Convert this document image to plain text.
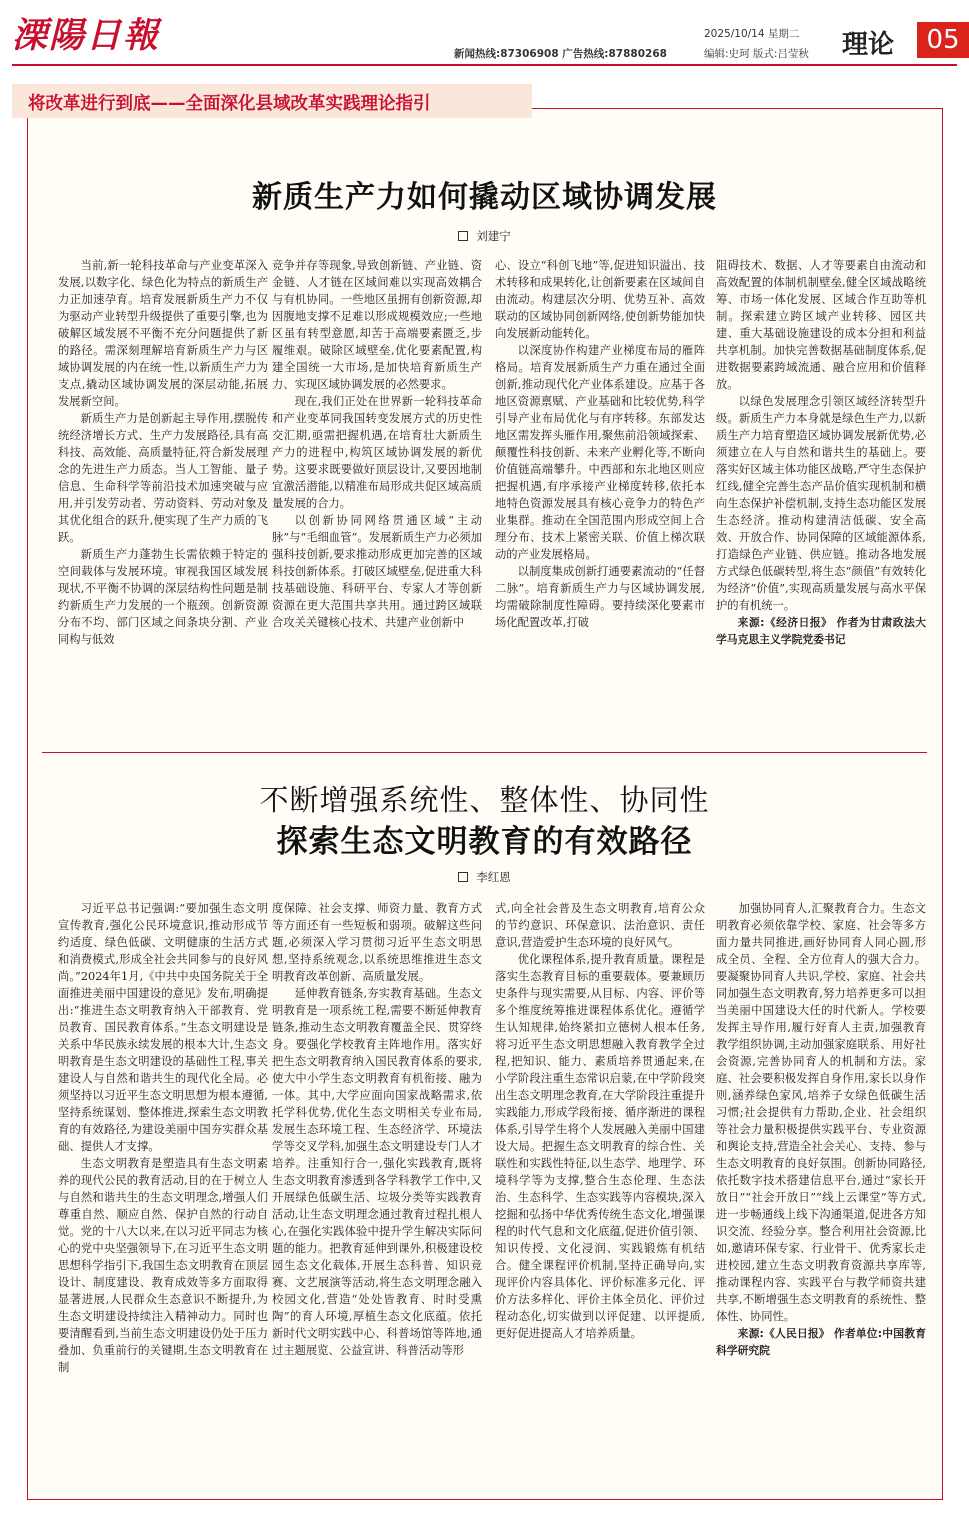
溧陽日報	新闻热线:87306908 广告热线:87880268
2025/10/14 星期二
编辑:史珂 版式:吕莹秋 理论	05
将改革进行到底——全面深化县域改革实践理论指引
新质生产力如何撬动区域协调发展
刘建宁

当前,新一轮科技革命与产业变革深入发展,以数字化、绿色化为特点的新质生产力正加速孕育。培育发展新质生产力不仅为驱动产业转型升级提供了重要引擎,也为破解区域发展不平衡不充分问题提供了新的路径。需深刻理解培育新质生产力与区域协调发展的内在统一性,以新质生产力为支点,撬动区域协调发展的深层动能,拓展发展新空间。

新质生产力是创新起主导作用,摆脱传统经济增长方式、生产力发展路径,具有高科技、高效能、高质量特征,符合新发展理念的先进生产力质态。当人工智能、量子信息、生命科学等前沿技术加速突破与应用,并引发劳动者、劳动资料、劳动对象及其优化组合的跃升,便实现了生产力质的飞跃。

新质生产力蓬勃生长需依赖于特定的空间载体与发展环境。审视我国区域发展现状,不平衡不协调的深层结构性问题是制约新质生产力发展的一个瓶颈。创新资源分布不均、部门区域之间条块分割、产业同构与低效

竞争并存等现象,导致创新链、产业链、资金链、人才链在区域间难以实现高效耦合与有机协同。一些地区虽拥有创新资源,却因腹地支撑不足难以形成规模效应;一些地区虽有转型意愿,却苦于高端要素匮乏,步履维艰。破除区域壁垒,优化要素配置,构建全国统一大市场,是加快培育新质生产力、实现区域协调发展的必然要求。

现在,我们正处在世界新一轮科技革命和产业变革同我国转变发展方式的历史性交汇期,亟需把握机遇,在培育壮大新质生产力的进程中,构筑区域协调发展的新优势。这要求既要做好顶层设计,又要因地制宜激活潜能,以精准布局形成共促区域高质量发展的合力。

以创新协同网络贯通区域“主动脉”与“毛细血管”。发展新质生产力必须加强科技创新,要求推动形成更加完善的区域科技创新体系。打破区域壁垒,促进重大科技基础设施、科研平台、专家人才等创新资源在更大范围共享共用。通过跨区域联合攻关关键核心技术、共建产业创新中

心、设立“科创飞地”等,促进知识溢出、技术转移和成果转化,让创新要素在区域间自由流动。构建层次分明、优势互补、高效联动的区域协同创新网络,使创新势能加快向发展新动能转化。

以深度协作构建产业梯度布局的雁阵格局。培育发展新质生产力重在通过全面创新,推动现代化产业体系建设。应基于各地区资源禀赋、产业基础和比较优势,科学引导产业布局优化与有序转移。东部发达地区需发挥头雁作用,聚焦前沿领域探索、颠覆性科技创新、未来产业孵化等,不断向价值链高端攀升。中西部和东北地区则应把握机遇,有序承接产业梯度转移,依托本地特色资源发展具有核心竞争力的特色产业集群。推动在全国范围内形成空间上合理分布、技术上紧密关联、价值上梯次联动的产业发展格局。

以制度集成创新打通要素流动的“任督二脉”。培育新质生产力与区域协调发展,均需破除制度性障碍。要持续深化要素市场化配置改革,打破

阻碍技术、数据、人才等要素自由流动和高效配置的体制机制壁垒,健全区域战略统筹、市场一体化发展、区域合作互助等机制。探索建立跨区域产业转移、园区共建、重大基础设施建设的成本分担和利益共享机制。加快完善数据基础制度体系,促进数据要素跨域流通、融合应用和价值释放。

以绿色发展理念引领区域经济转型升级。新质生产力本身就是绿色生产力,以新质生产力培育塑造区域协调发展新优势,必须建立在人与自然和谐共生的基础上。要落实好区域主体功能区战略,严守生态保护红线,健全完善生态产品价值实现机制和横向生态保护补偿机制,支持生态功能区发展生态经济。推动构建清洁低碳、安全高效、开放合作、协同保障的区域能源体系,打造绿色产业链、供应链。推动各地发展方式绿色低碳转型,将生态“颜值”有效转化为经济“价值”,实现高质量发展与高水平保护的有机统一。

来源:《经济日报》 作者为甘肃政法大学马克思主义学院党委书记

不断增强系统性、整体性、协同性
探索生态文明教育的有效路径
李红恩

习近平总书记强调:“要加强生态文明宣传教育,强化公民环境意识,推动形成节约适度、绿色低碳、文明健康的生活方式和消费模式,形成全社会共同参与的良好风尚。”2024年1月,《中共中央国务院关于全面推进美丽中国建设的意见》发布,明确提出:“推进生态文明教育纳入干部教育、党员教育、国民教育体系。”生态文明建设是关系中华民族永续发展的根本大计,生态文明教育是生态文明建设的基础性工程,事关建设人与自然和谐共生的现代化全局。必须坚持以习近平生态文明思想为根本遵循,坚持系统谋划、整体推进,探索生态文明教育的有效路径,为建设美丽中国夯实群众基础、提供人才支撑。

生态文明教育是塑造具有生态文明素养的现代公民的教育活动,目的在于树立人与自然和谐共生的生态文明理念,增强人们尊重自然、顺应自然、保护自然的行动自觉。党的十八大以来,在以习近平同志为核心的党中央坚强领导下,在习近平生态文明思想科学指引下,我国生态文明教育在顶层设计、制度建设、教育成效等多方面取得显著进展,人民群众生态意识不断提升,为生态文明建设持续注入精神动力。同时也要清醒看到,当前生态文明建设仍处于压力叠加、负重前行的关键期,生态文明教育在制

度保障、社会支撑、师资力量、教育方式等方面还有一些短板和弱项。破解这些问题,必须深入学习贯彻习近平生态文明思想,坚持系统观念,以系统思维推进生态文明教育改革创新、高质量发展。

延伸教育链条,夯实教育基础。生态文明教育是一项系统工程,需要不断延伸教育链条,推动生态文明教育覆盖全民、贯穿终身。要强化学校教育主阵地作用。落实好把生态文明教育纳入国民教育体系的要求,使大中小学生态文明教育有机衔接、融为一体。其中,大学应面向国家战略需求,依托学科优势,优化生态文明相关专业布局,发展生态环境工程、生态经济学、环境法学等交叉学科,加强生态文明建设专门人才培养。注重知行合一,强化实践教育,既将生态文明教育渗透到各学科教学工作中,又开展绿色低碳生活、垃圾分类等实践教育活动,让生态文明理念通过教育过程扎根人心,在强化实践体验中提升学生解决实际问题的能力。把教育延伸到课外,积极建设校园生态文化载体,开展生态科普、知识竞赛、文艺展演等活动,将生态文明理念融入校园文化,营造“处处皆教育、时时受熏陶”的育人环境,厚植生态文化底蕴。依托新时代文明实践中心、科普场馆等阵地,通过主题展览、公益宣讲、科普活动等形

式,向全社会普及生态文明教育,培育公众的节约意识、环保意识、法治意识、责任意识,营造爱护生态环境的良好风气。

优化课程体系,提升教育质量。课程是落实生态教育目标的重要载体。要兼顾历史条件与现实需要,从目标、内容、评价等多个维度统筹推进课程体系优化。遵循学生认知规律,始终紧扣立德树人根本任务,将习近平生态文明思想融入教育教学全过程,把知识、能力、素质培养贯通起来,在小学阶段注重生态常识启蒙,在中学阶段突出生态文明理念教育,在大学阶段注重提升实践能力,形成学段衔接、循序渐进的课程体系,引导学生将个人发展融入美丽中国建设大局。把握生态文明教育的综合性、关联性和实践性特征,以生态学、地理学、环境科学等为支撑,整合生态伦理、生态法治、生态科学、生态实践等内容模块,深入挖掘和弘扬中华优秀传统生态文化,增强课程的时代气息和文化底蕴,促进价值引领、知识传授、文化浸润、实践锻炼有机结合。健全课程评价机制,坚持正确导向,实现评价内容具体化、评价标准多元化、评价方法多样化、评价主体全员化、评价过程动态化,切实做到以评促建、以评提质,更好促进提高人才培养质量。

加强协同育人,汇聚教育合力。生态文明教育必须依靠学校、家庭、社会等多方面力量共同推进,画好协同育人同心圆,形成全员、全程、全方位育人的强大合力。要凝聚协同育人共识,学校、家庭、社会共同加强生态文明教育,努力培养更多可以担当美丽中国建设大任的时代新人。学校要发挥主导作用,履行好育人主责,加强教育教学组织协调,主动加强家庭联系、用好社会资源,完善协同育人的机制和方法。家庭、社会要积极发挥自身作用,家长以身作则,涵养绿色家风,培养子女绿色低碳生活习惯;社会提供有力帮助,企业、社会组织等社会力量积极提供实践平台、专业资源和舆论支持,营造全社会关心、支持、参与生态文明教育的良好氛围。创新协同路径,依托数字技术搭建信息平台,通过“家长开放日”“社会开放日”“线上云课堂”等方式,进一步畅通线上线下沟通渠道,促进各方知识交流、经验分享。整合利用社会资源,比如,邀请环保专家、行业骨干、优秀家长走进校园,建立生态文明教育资源共享库等,推动课程内容、实践平台与教学师资共建共享,不断增强生态文明教育的系统性、整体性、协同性。

来源:《人民日报》 作者单位:中国教育科学研究院
